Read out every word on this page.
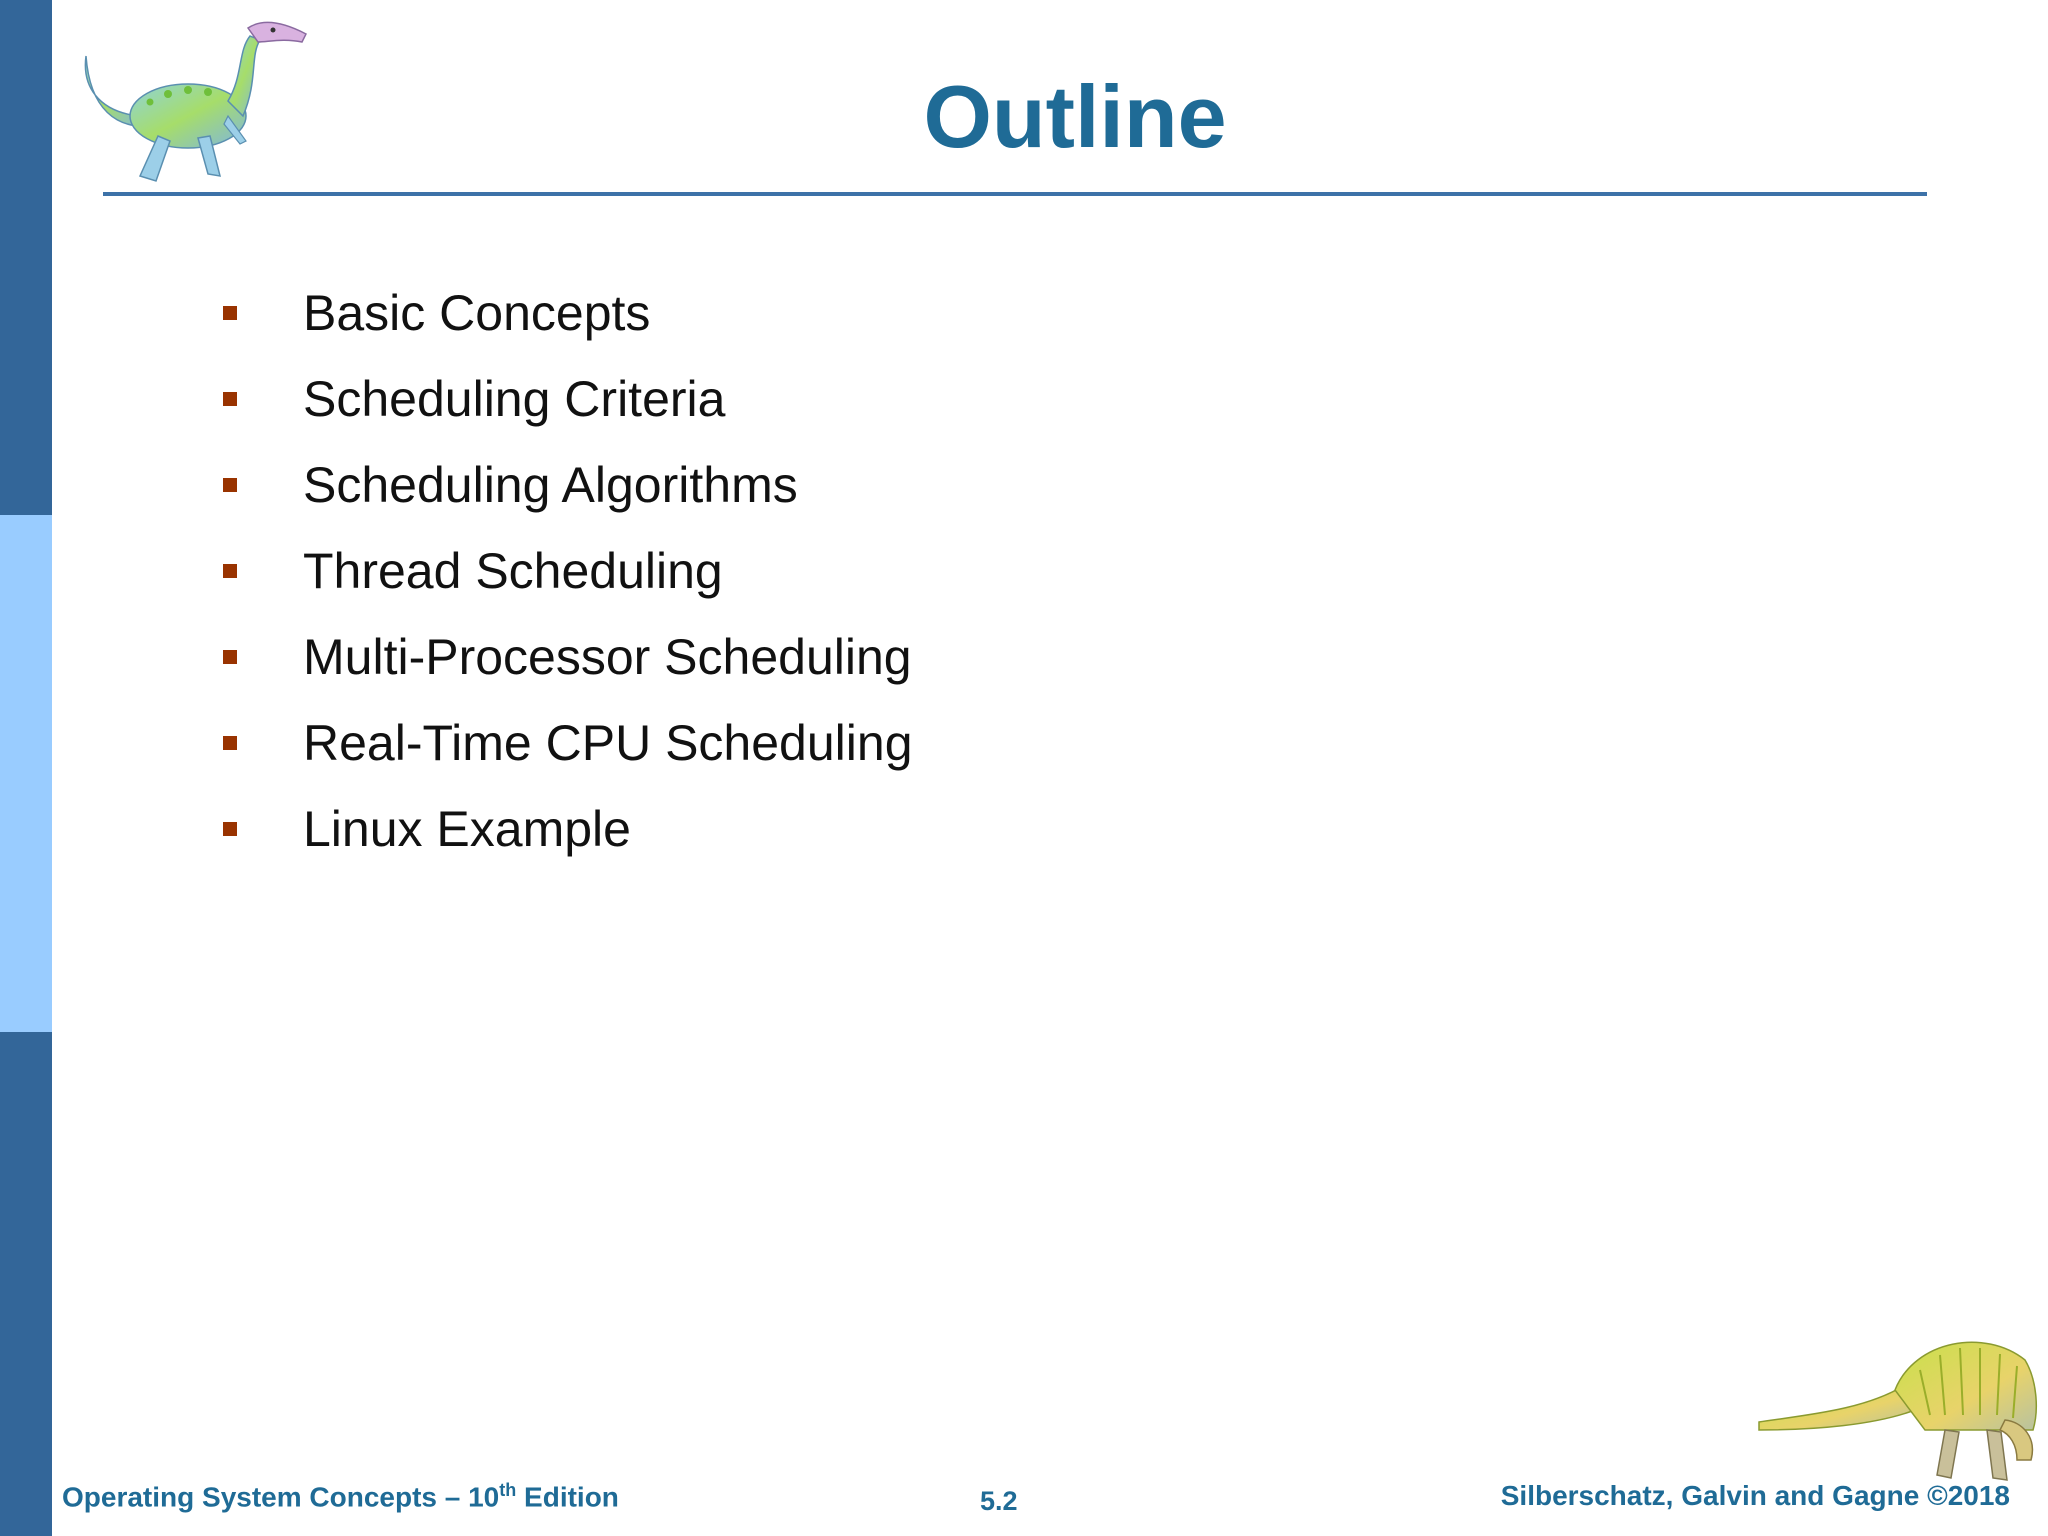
Outline
Basic Concepts
Scheduling Criteria
Scheduling Algorithms
Thread Scheduling
Multi-Processor Scheduling
Real-Time CPU Scheduling
Linux Example
Operating System Concepts – 10th Edition	5.2	Silberschatz, Galvin and Gagne ©2018
